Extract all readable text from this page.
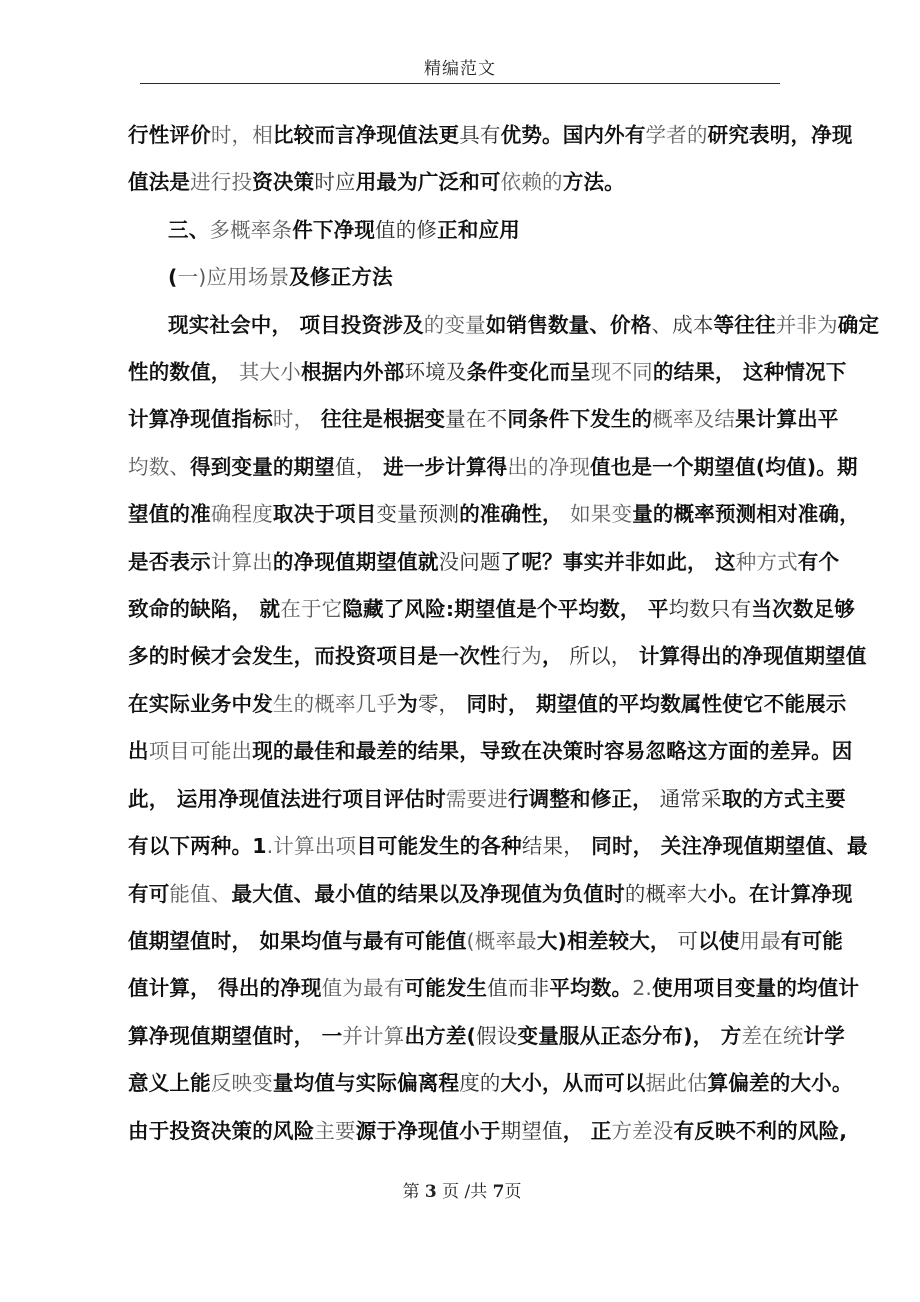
精编范文
行性评价时，相比较而言净现值法更具有优势。国内外有学者的研究表明，净现
值法是进行投资决策时应用最为广泛和可依赖的方法。
三、多概率条件下净现值的修正和应用
(一)应用场景及修正方法
现实社会中， 项目投资涉及的变量如销售数量、价格、成本等往往并非为确定
性的数值， 其大小根据内外部环境及条件变化而呈现不同的结果， 这种情况下
计算净现值指标时， 往往是根据变量在不同条件下发生的概率及结果计算出平
均数、得到变量的期望值， 进一步计算得出的净现值也是一个期望值(均值)。期
望值的准确程度取决于项目变量预测的准确性， 如果变量的概率预测相对准确，
是否表示计算出的净现值期望值就没问题了呢？事实并非如此， 这种方式有个
致命的缺陷， 就在于它隐藏了风险:期望值是个平均数， 平均数只有当次数足够
多的时候才会发生，而投资项目是一次性行为， 所以， 计算得出的净现值期望值
在实际业务中发生的概率几乎为零， 同时， 期望值的平均数属性使它不能展示
出项目可能出现的最佳和最差的结果，导致在决策时容易忽略这方面的差异。因
此， 运用净现值法进行项目评估时需要进行调整和修正， 通常采取的方式主要
有以下两种。1.计算出项目可能发生的各种结果， 同时， 关注净现值期望值、最
有可能值、最大值、最小值的结果以及净现值为负值时的概率大小。在计算净现
值期望值时， 如果均值与最有可能值(概率最大)相差较大， 可以使用最有可能
值计算， 得出的净现值为最有可能发生值而非平均数。2.使用项目变量的均值计
算净现值期望值时， 一并计算出方差(假设变量服从正态分布)， 方差在统计学
意义上能反映变量均值与实际偏离程度的大小，从而可以据此估算偏差的大小。
由于投资决策的风险主要源于净现值小于期望值， 正方差没有反映不利的风险,
第 3 页 /共 7页
